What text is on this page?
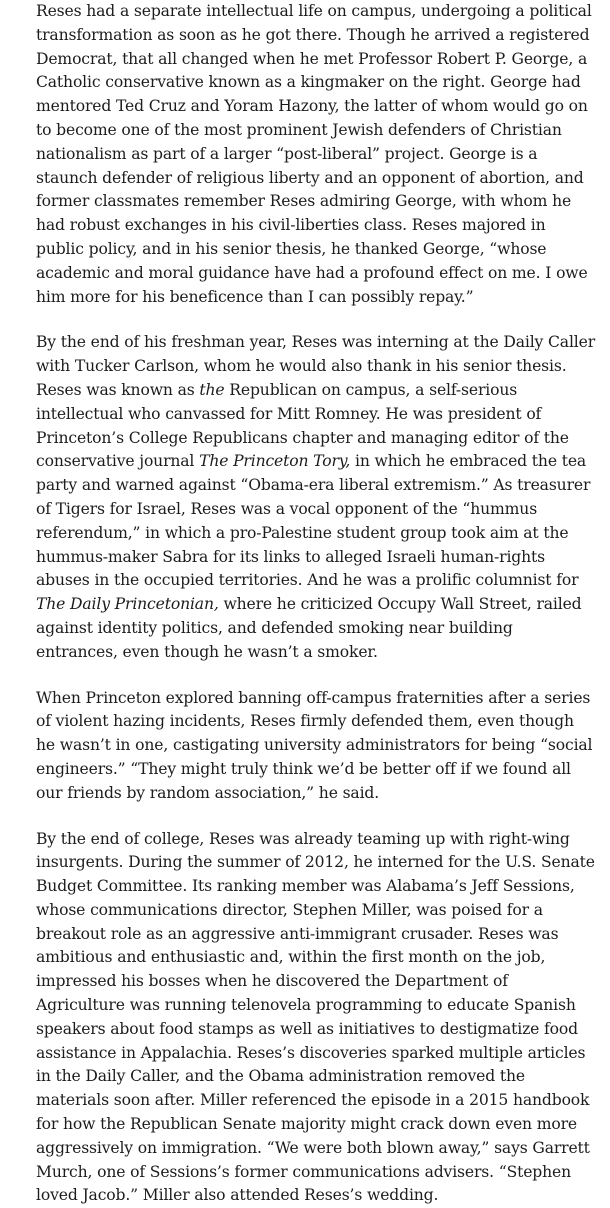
Reses had a separate intellectual life on campus, undergoing a political transformation as soon as he got there. Though he arrived a registered Democrat, that all changed when he met Professor Robert P. George, a Catholic conservative known as a kingmaker on the right. George had mentored Ted Cruz and Yoram Hazony, the latter of whom would go on to become one of the most prominent Jewish defenders of Christian nationalism as part of a larger “post-liberal” project. George is a staunch defender of religious liberty and an opponent of abortion, and former classmates remember Reses admiring George, with whom he had robust exchanges in his civil-liberties class. Reses majored in public policy, and in his senior thesis, he thanked George, “whose academic and moral guidance have had a profound effect on me. I owe him more for his beneficence than I can possibly repay.”

By the end of his freshman year, Reses was interning at the Daily Caller with Tucker Carlson, whom he would also thank in his senior thesis. Reses was known as the Republican on campus, a self-serious intellectual who canvassed for Mitt Romney. He was president of Princeton’s College Republicans chapter and managing editor of the conservative journal The Princeton Tory, in which he embraced the tea party and warned against “Obama-era liberal extremism.” As treasurer of Tigers for Israel, Reses was a vocal opponent of the “hummus referendum,” in which a pro-Palestine student group took aim at the hummus-maker Sabra for its links to alleged Israeli human-rights abuses in the occupied territories. And he was a prolific columnist for The Daily Princetonian, where he criticized Occupy Wall Street, railed against identity politics, and defended smoking near building entrances, even though he wasn’t a smoker.

When Princeton explored banning off-campus fraternities after a series of violent hazing incidents, Reses firmly defended them, even though he wasn’t in one, castigating university administrators for being “social engineers.” “They might truly think we’d be better off if we found all our friends by random association,” he said.

By the end of college, Reses was already teaming up with right-wing insurgents. During the summer of 2012, he interned for the U.S. Senate Budget Committee. Its ranking member was Alabama’s Jeff Sessions, whose communications director, Stephen Miller, was poised for a breakout role as an aggressive anti-immigrant crusader. Reses was ambitious and enthusiastic and, within the first month on the job, impressed his bosses when he discovered the Department of Agriculture was running telenovela programming to educate Spanish speakers about food stamps as well as initiatives to destigmatize food assistance in Appalachia. Reses’s discoveries sparked multiple articles in the Daily Caller, and the Obama administration removed the materials soon after. Miller referenced the episode in a 2015 handbook for how the Republican Senate majority might crack down even more aggressively on immigration. “We were both blown away,” says Garrett Murch, one of Sessions’s former communications advisers. “Stephen loved Jacob.” Miller also attended Reses’s wedding.
